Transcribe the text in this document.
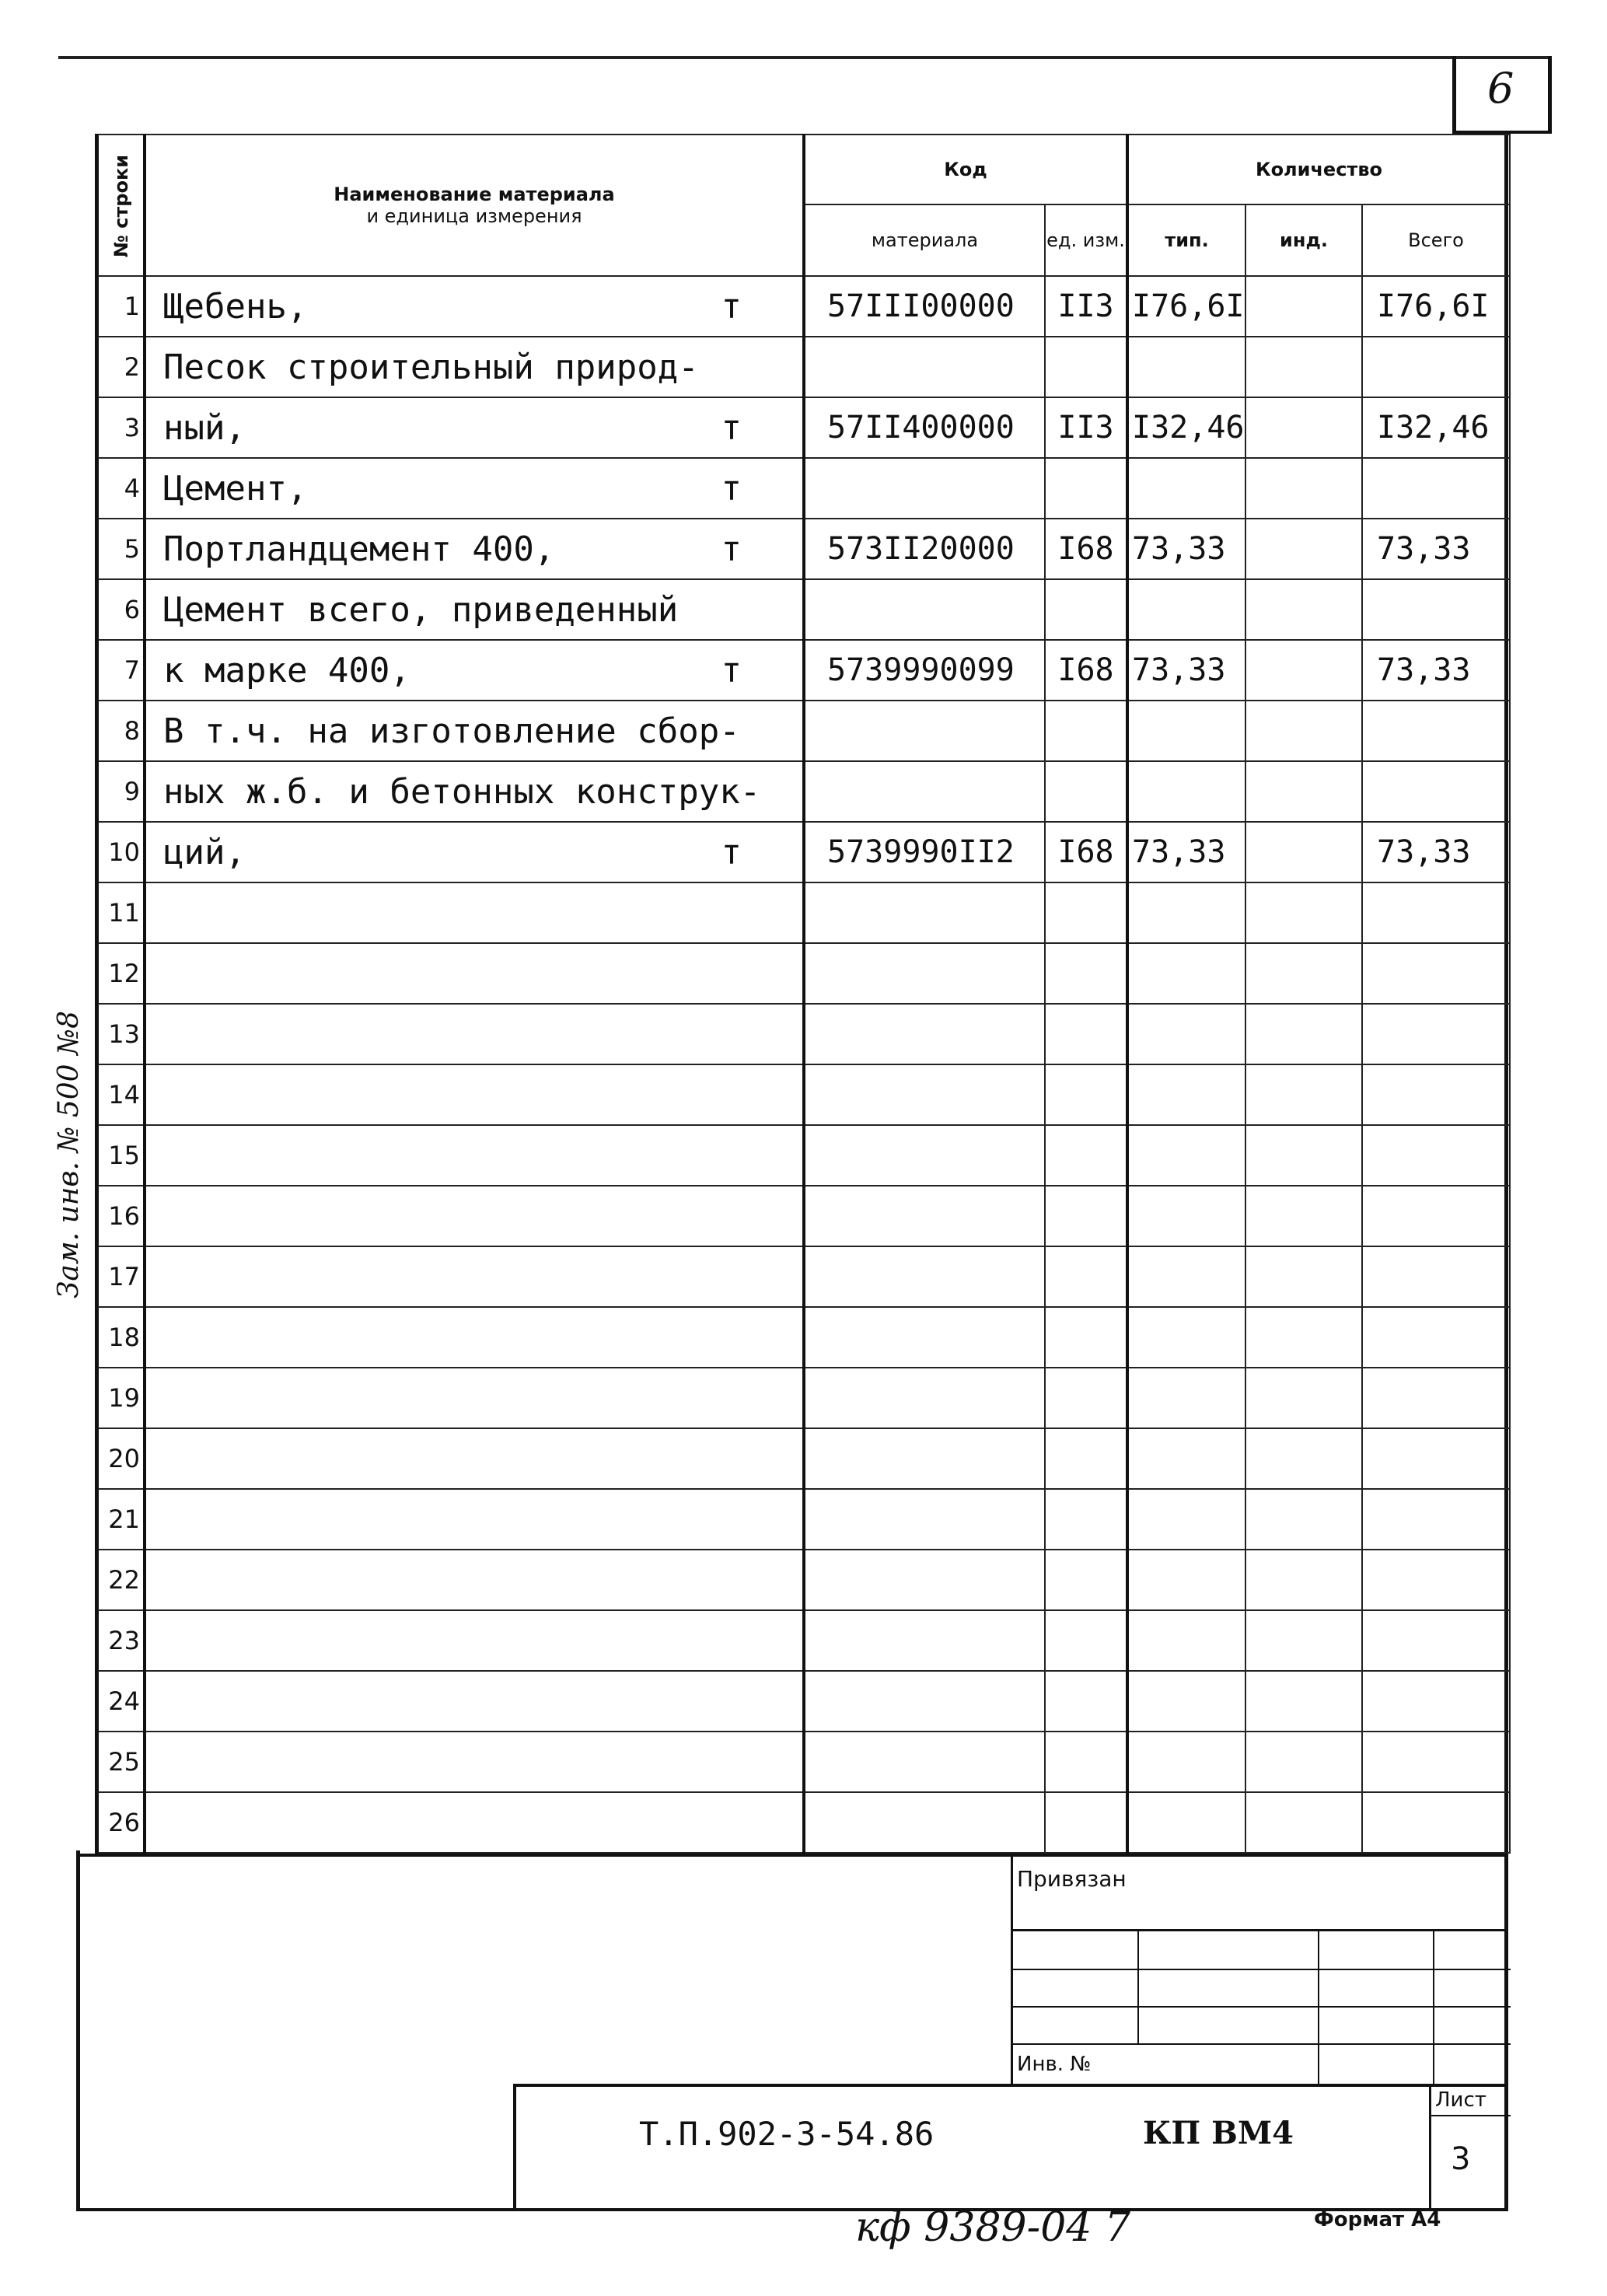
6

	Наименование материала
и единица измерения	Код		Количество		
		материала	ед. изм.	тип.	инд.	Всего
1	Щебень, т	57III00000	II3	I76,6I		I76,6I
2	Песок строительный природ-

3	ный, т	57II400000	II3	I32,46		I32,46
4	Цемент, т					

5	Портландцемент 400, т	573II20000	I68	73,33		73,33
6	Цемент всего, приведенный

7	к марке 400, т	5739990099	I68	73,33		73,33
8	В т.ч. на изготовление сбор-

9	ных ж.б. и бетонных конструк-

10	ций, т	5739990II2	I68	73,33		73,33
11	

12	

13	

14	

15	

16	

17	

18	

19	

20	

21	

22	

23	

24	

25	

26	

№ строки
Привязан
Инв. №
Т.П.902-3-54.86	КП ВМ4
Лист
3
Зам. инв. № 500 №8
кф 9389-04 7	Формат А4
